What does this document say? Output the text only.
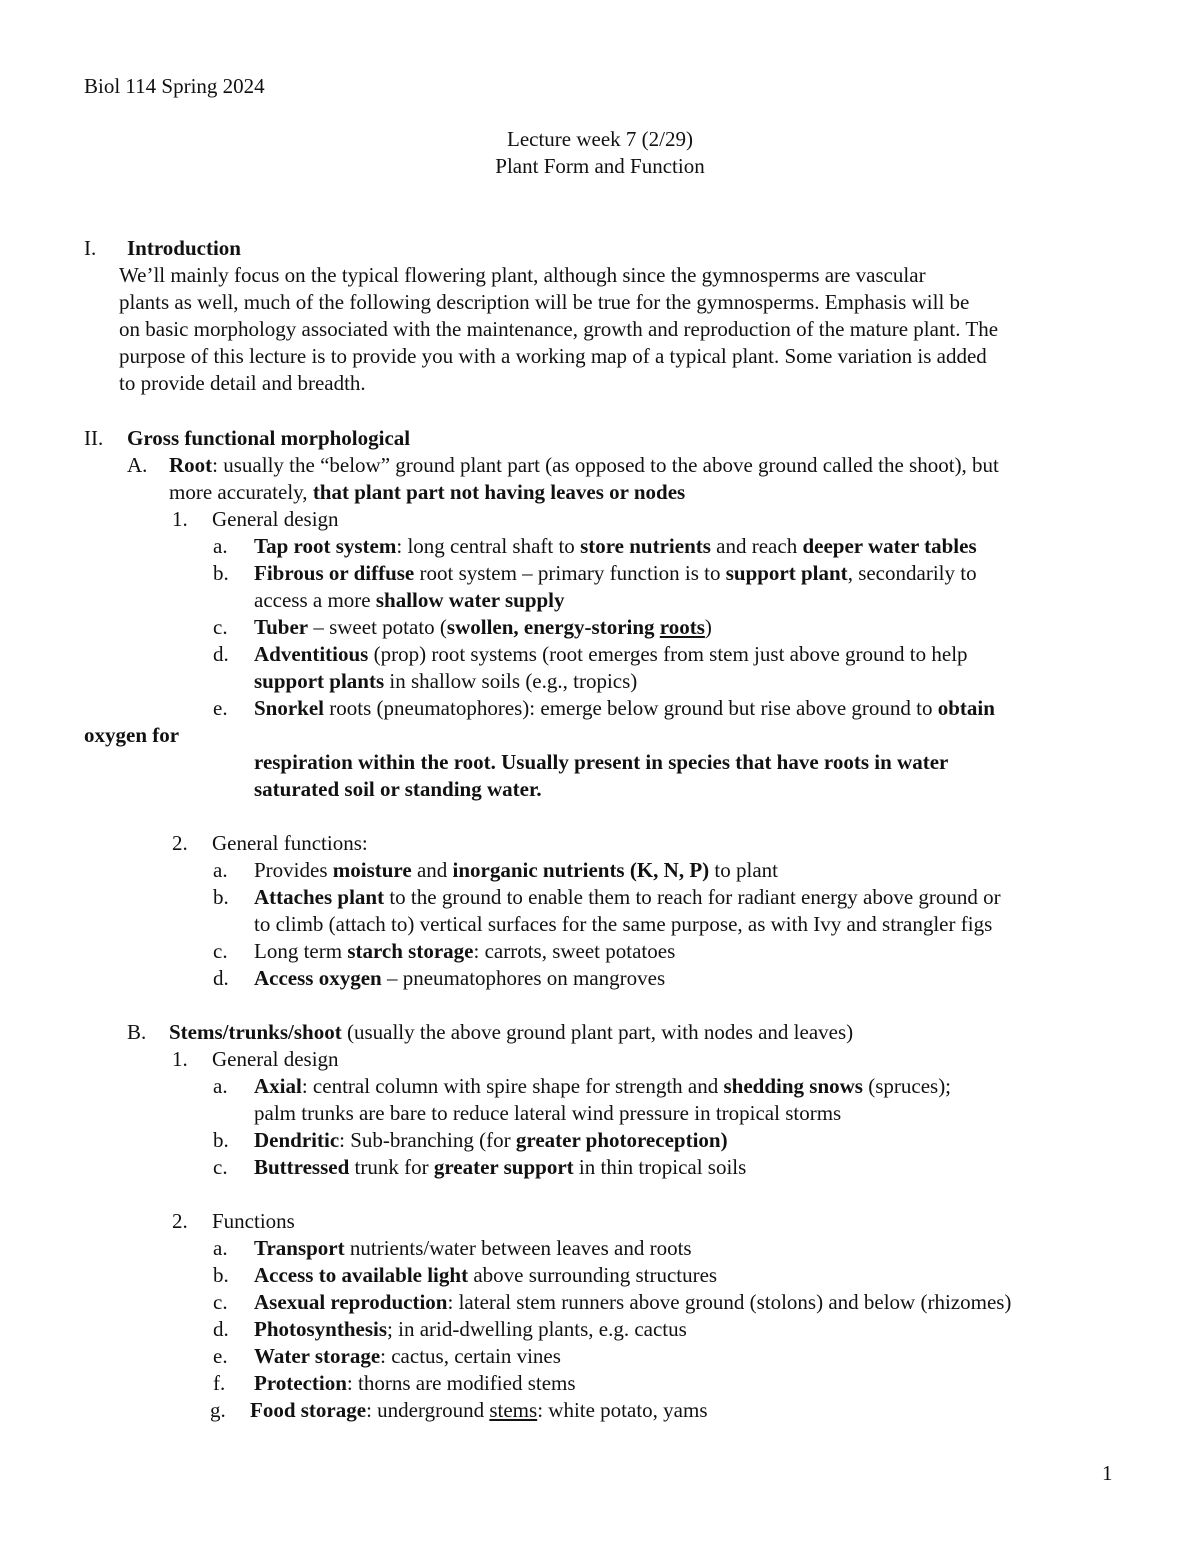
Biol 114 Spring 2024
Lecture week 7 (2/29)
Plant Form and Function
I. Introduction
We’ll mainly focus on the typical flowering plant, although since the gymnosperms are vascular
plants as well, much of the following description will be true for the gymnosperms. Emphasis will be
on basic morphology associated with the maintenance, growth and reproduction of the mature plant. The
purpose of this lecture is to provide you with a working map of a typical plant. Some variation is added
to provide detail and breadth.
II. Gross functional morphological
A. Root: usually the “below” ground plant part (as opposed to the above ground called the shoot), but
more accurately, that plant part not having leaves or nodes
1. General design
a. Tap root system: long central shaft to store nutrients and reach deeper water tables
b. Fibrous or diffuse root system – primary function is to support plant, secondarily to
access a more shallow water supply
c. Tuber – sweet potato (swollen, energy-storing roots)
d. Adventitious (prop) root systems (root emerges from stem just above ground to help
support plants in shallow soils (e.g., tropics)
e. Snorkel roots (pneumatophores): emerge below ground but rise above ground to obtain
oxygen for
respiration within the root. Usually present in species that have roots in water
saturated soil or standing water.
2. General functions:
a. Provides moisture and inorganic nutrients (K, N, P) to plant
b. Attaches plant to the ground to enable them to reach for radiant energy above ground or
to climb (attach to) vertical surfaces for the same purpose, as with Ivy and strangler figs
c. Long term starch storage: carrots, sweet potatoes
d. Access oxygen – pneumatophores on mangroves
B. Stems/trunks/shoot (usually the above ground plant part, with nodes and leaves)
1. General design
a. Axial: central column with spire shape for strength and shedding snows (spruces);
palm trunks are bare to reduce lateral wind pressure in tropical storms
b. Dendritic: Sub-branching (for greater photoreception)
c. Buttressed trunk for greater support in thin tropical soils
2. Functions
a. Transport nutrients/water between leaves and roots
b. Access to available light above surrounding structures
c. Asexual reproduction: lateral stem runners above ground (stolons) and below (rhizomes)
d. Photosynthesis; in arid-dwelling plants, e.g. cactus
e. Water storage: cactus, certain vines
f. Protection: thorns are modified stems
g. Food storage: underground stems: white potato, yams
1
